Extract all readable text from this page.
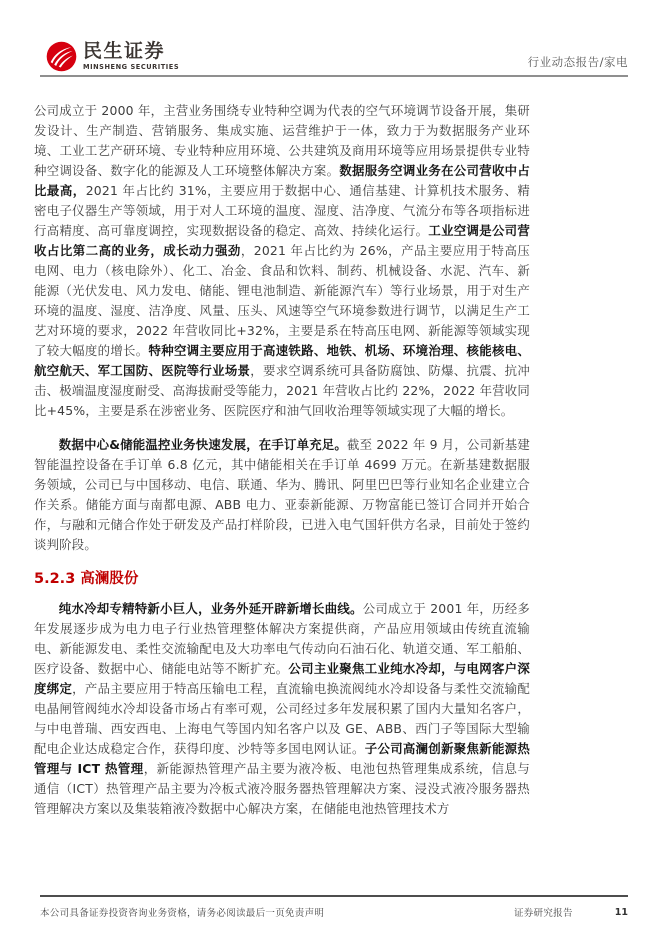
民生证券
MINSHENG SECURITIES	行业动态报告/家电

公司成立于 2000 年，主营业务围绕专业特种空调为代表的空气环境调节设备开展，集研发设计、生产制造、营销服务、集成实施、运营维护于一体，致力于为数据服务产业环境、工业工艺产研环境、专业特种应用环境、公共建筑及商用环境等应用场景提供专业特种空调设备、数字化的能源及人工环境整体解决方案。数据服务空调业务在公司营收中占比最高，2021 年占比约 31%，主要应用于数据中心、通信基建、计算机技术服务、精密电子仪器生产等领域，用于对人工环境的温度、湿度、洁净度、气流分布等各项指标进行高精度、高可靠度调控，实现数据设备的稳定、高效、持续化运行。工业空调是公司营收占比第二高的业务，成长动力强劲，2021 年占比约为 26%，产品主要应用于特高压电网、电力（核电除外）、化工、冶金、食品和饮料、制药、机械设备、水泥、汽车、新能源（光伏发电、风力发电、储能、锂电池制造、新能源汽车）等行业场景，用于对生产环境的温度、湿度、洁净度、风量、压头、风速等空气环境参数进行调节，以满足生产工艺对环境的要求，2022 年营收同比+32%，主要是系在特高压电网、新能源等领域实现了较大幅度的增长。特种空调主要应用于高速铁路、地铁、机场、环境治理、核能核电、航空航天、军工国防、医院等行业场景，要求空调系统可具备防腐蚀、防爆、抗震、抗冲击、极端温度湿度耐受、高海拔耐受等能力，2021 年营收占比约 22%，2022 年营收同比+45%，主要是系在涉密业务、医院医疗和油气回收治理等领域实现了大幅的增长。

数据中心&储能温控业务快速发展，在手订单充足。截至 2022 年 9 月，公司新基建智能温控设备在手订单 6.8 亿元，其中储能相关在手订单 4699 万元。在新基建数据服务领域，公司已与中国移动、电信、联通、华为、腾讯、阿里巴巴等行业知名企业建立合作关系。储能方面与南都电源、ABB 电力、亚泰新能源、万物富能已签订合同并开始合作，与融和元储合作处于研发及产品打样阶段，已进入电气国轩供方名录，目前处于签约谈判阶段。

5.2.3 高澜股份

纯水冷却专精特新小巨人，业务外延开辟新增长曲线。公司成立于 2001 年，历经多年发展逐步成为电力电子行业热管理整体解决方案提供商，产品应用领域由传统直流输电、新能源发电、柔性交流输配电及大功率电气传动向石油石化、轨道交通、军工船舶、医疗设备、数据中心、储能电站等不断扩充。公司主业聚焦工业纯水冷却，与电网客户深度绑定，产品主要应用于特高压输电工程，直流输电换流阀纯水冷却设备与柔性交流输配电晶闸管阀纯水冷却设备市场占有率可观，公司经过多年发展积累了国内大量知名客户，与中电普瑞、西安西电、上海电气等国内知名客户以及 GE、ABB、西门子等国际大型输配电企业达成稳定合作，获得印度、沙特等多国电网认证。子公司高澜创新聚焦新能源热管理与 ICT 热管理，新能源热管理产品主要为液冷板、电池包热管理集成系统，信息与通信（ICT）热管理产品主要为冷板式液冷服务器热管理解决方案、浸没式液冷服务器热管理解决方案以及集装箱液冷数据中心解决方案，在储能电池热管理技术方

本公司具备证券投资咨询业务资格，请务必阅读最后一页免责声明	证券研究报告	11
